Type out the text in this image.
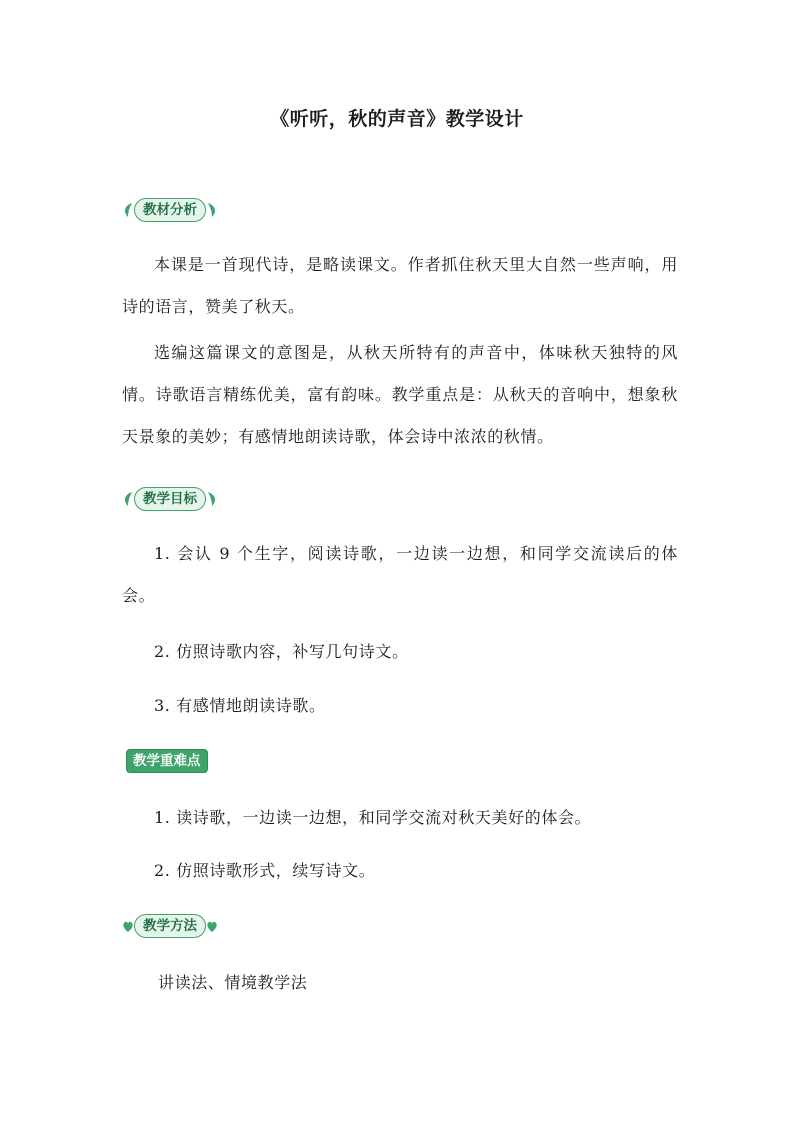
《听听，秋的声音》教学设计
教材分析

本课是一首现代诗，是略读课文。作者抓住秋天里大自然一些声响，用诗的语言，赞美了秋天。

选编这篇课文的意图是，从秋天所特有的声音中，体味秋天独特的风情。诗歌语言精练优美，富有韵味。教学重点是：从秋天的音响中，想象秋天景象的美妙；有感情地朗读诗歌，体会诗中浓浓的秋情。

教学目标

1. 会认 9 个生字，阅读诗歌，一边读一边想，和同学交流读后的体会。

2. 仿照诗歌内容，补写几句诗文。

3. 有感情地朗读诗歌。

教学重难点

1. 读诗歌，一边读一边想，和同学交流对秋天美好的体会。

2. 仿照诗歌形式，续写诗文。

教学方法
讲读法、情境教学法
